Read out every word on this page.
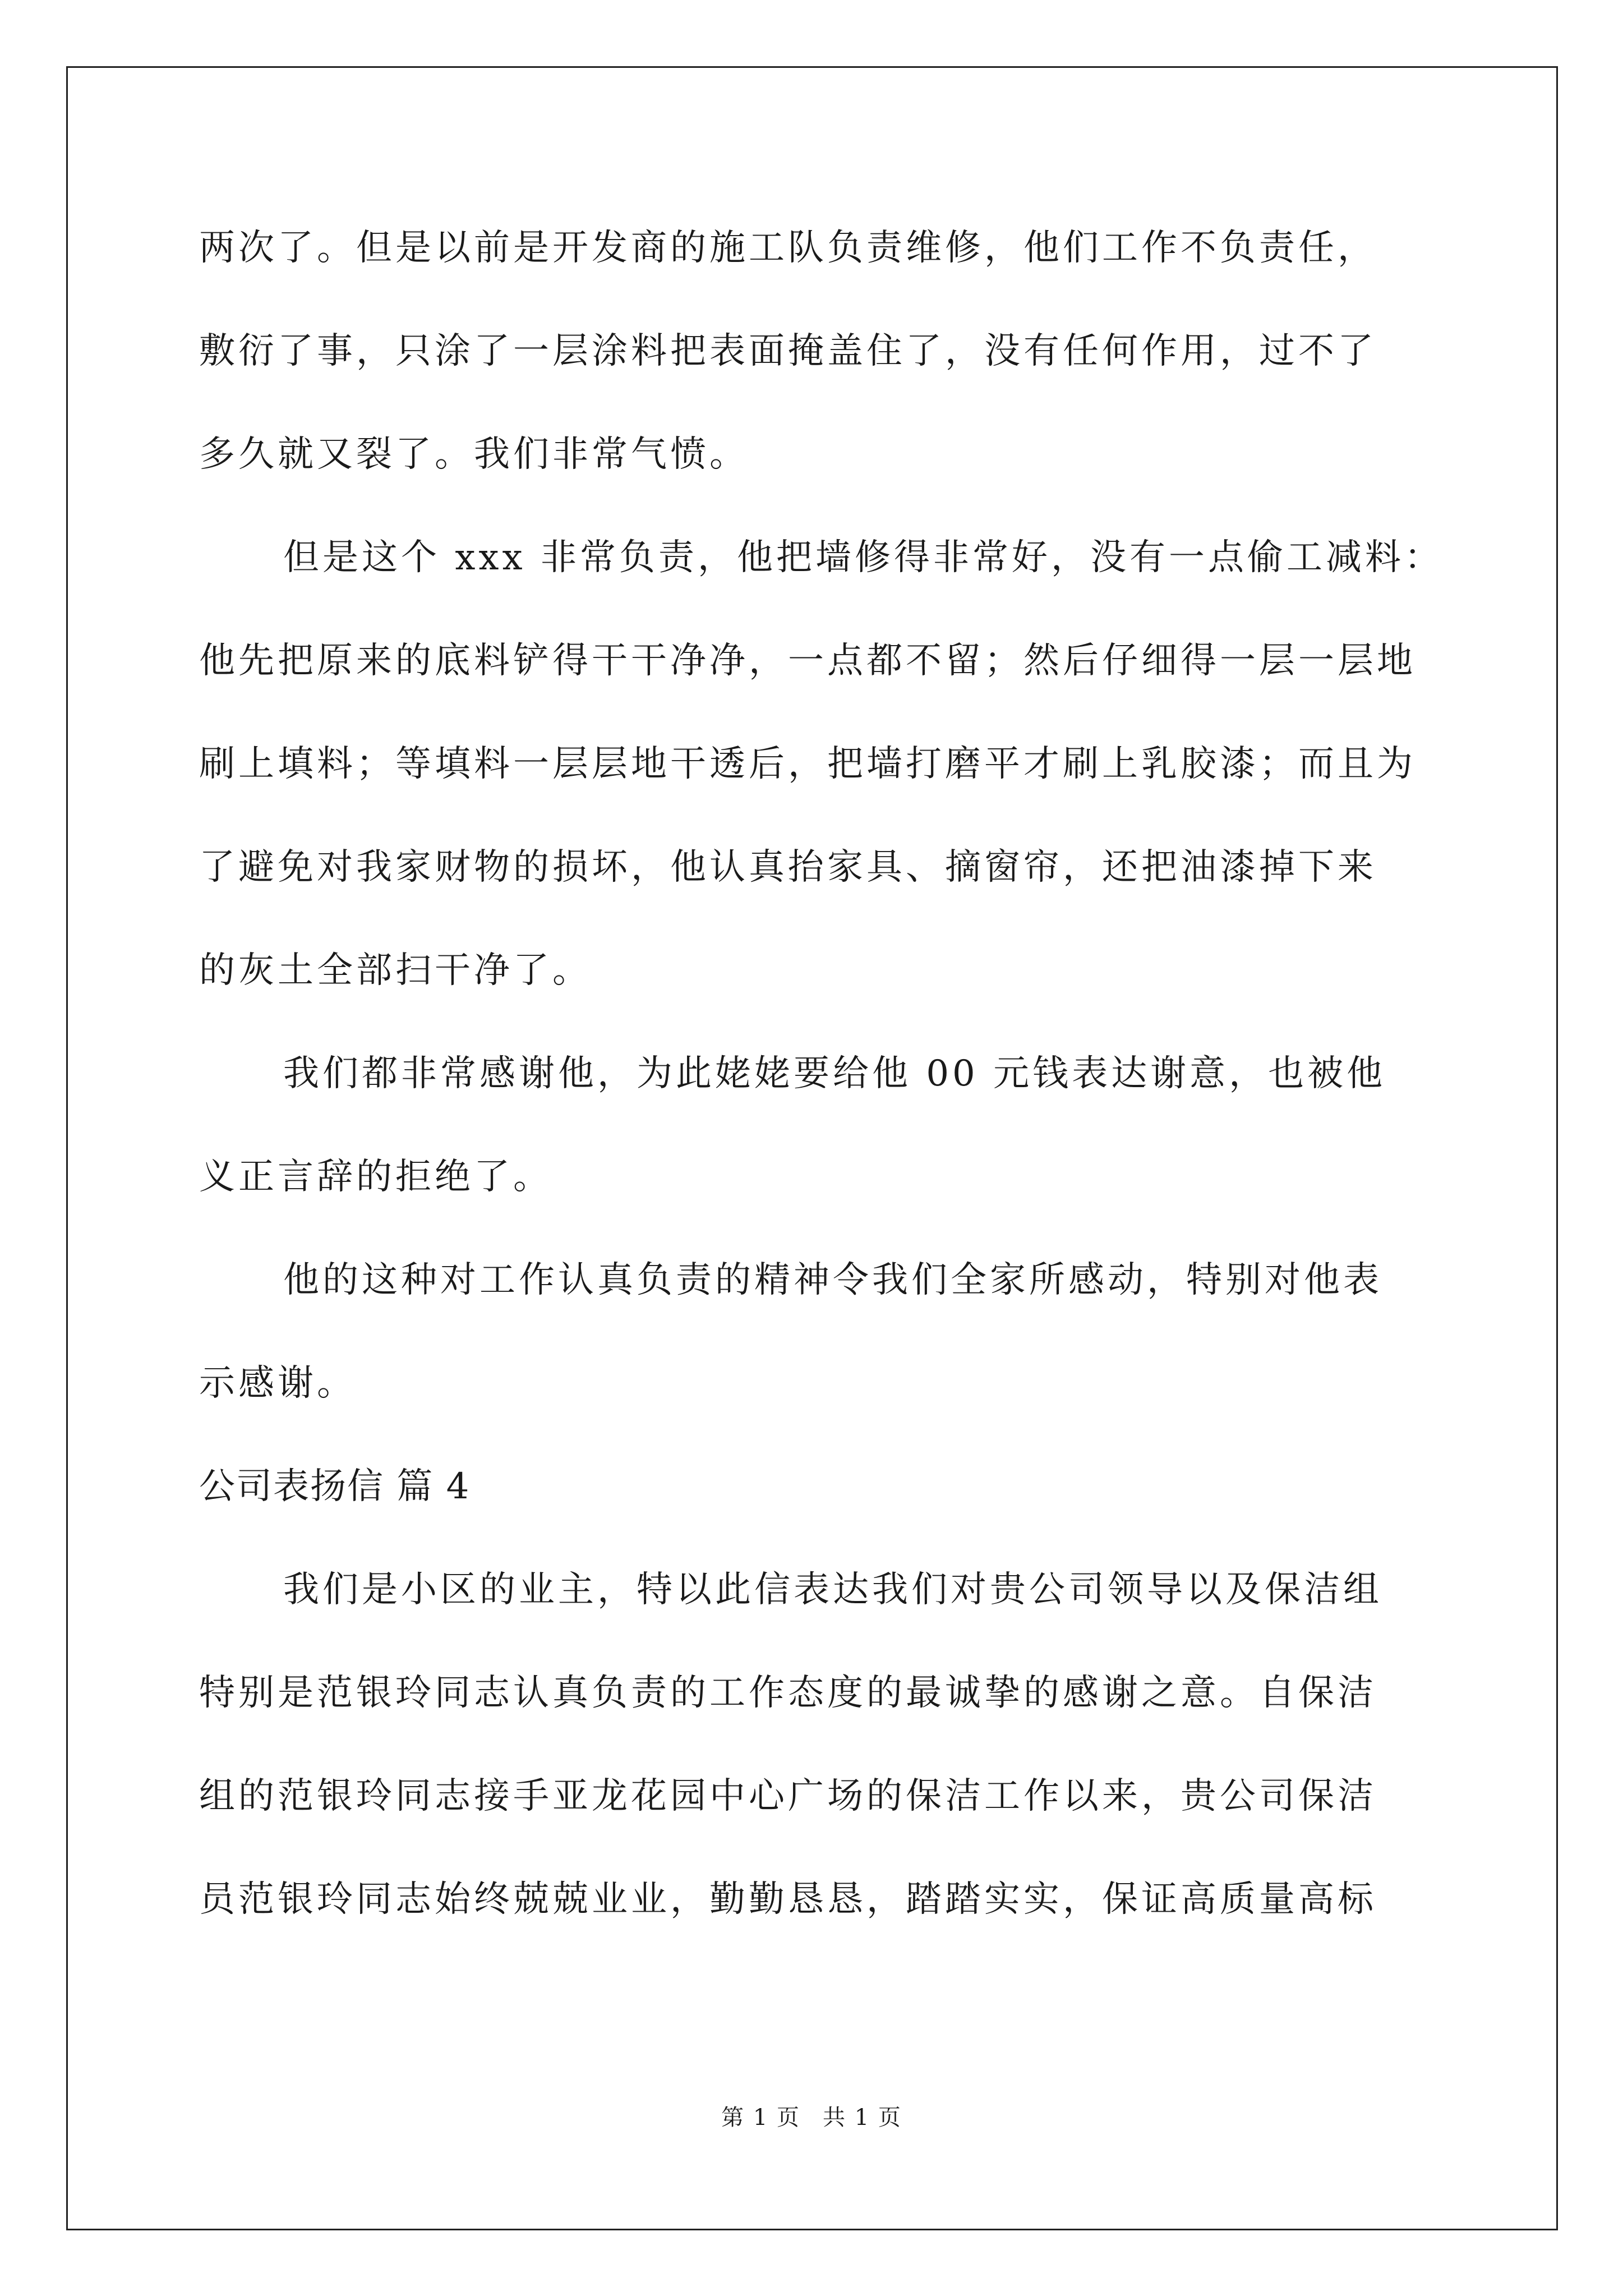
两次了。但是以前是开发商的施工队负责维修，他们工作不负责任，
敷衍了事，只涂了一层涂料把表面掩盖住了，没有任何作用，过不了
多久就又裂了。我们非常气愤。
但是这个 xxx 非常负责，他把墙修得非常好，没有一点偷工减料：
他先把原来的底料铲得干干净净，一点都不留；然后仔细得一层一层地
刷上填料；等填料一层层地干透后，把墙打磨平才刷上乳胶漆；而且为
了避免对我家财物的损坏，他认真抬家具、摘窗帘，还把油漆掉下来
的灰土全部扫干净了。
我们都非常感谢他，为此姥姥要给他 00 元钱表达谢意，也被他
义正言辞的拒绝了。
他的这种对工作认真负责的精神令我们全家所感动，特别对他表
示感谢。
公司表扬信 篇 4
我们是小区的业主，特以此信表达我们对贵公司领导以及保洁组
特别是范银玲同志认真负责的工作态度的最诚挚的感谢之意。自保洁
组的范银玲同志接手亚龙花园中心广场的保洁工作以来，贵公司保洁
员范银玲同志始终兢兢业业，勤勤恳恳，踏踏实实，保证高质量高标
第 1 页 共 1 页
